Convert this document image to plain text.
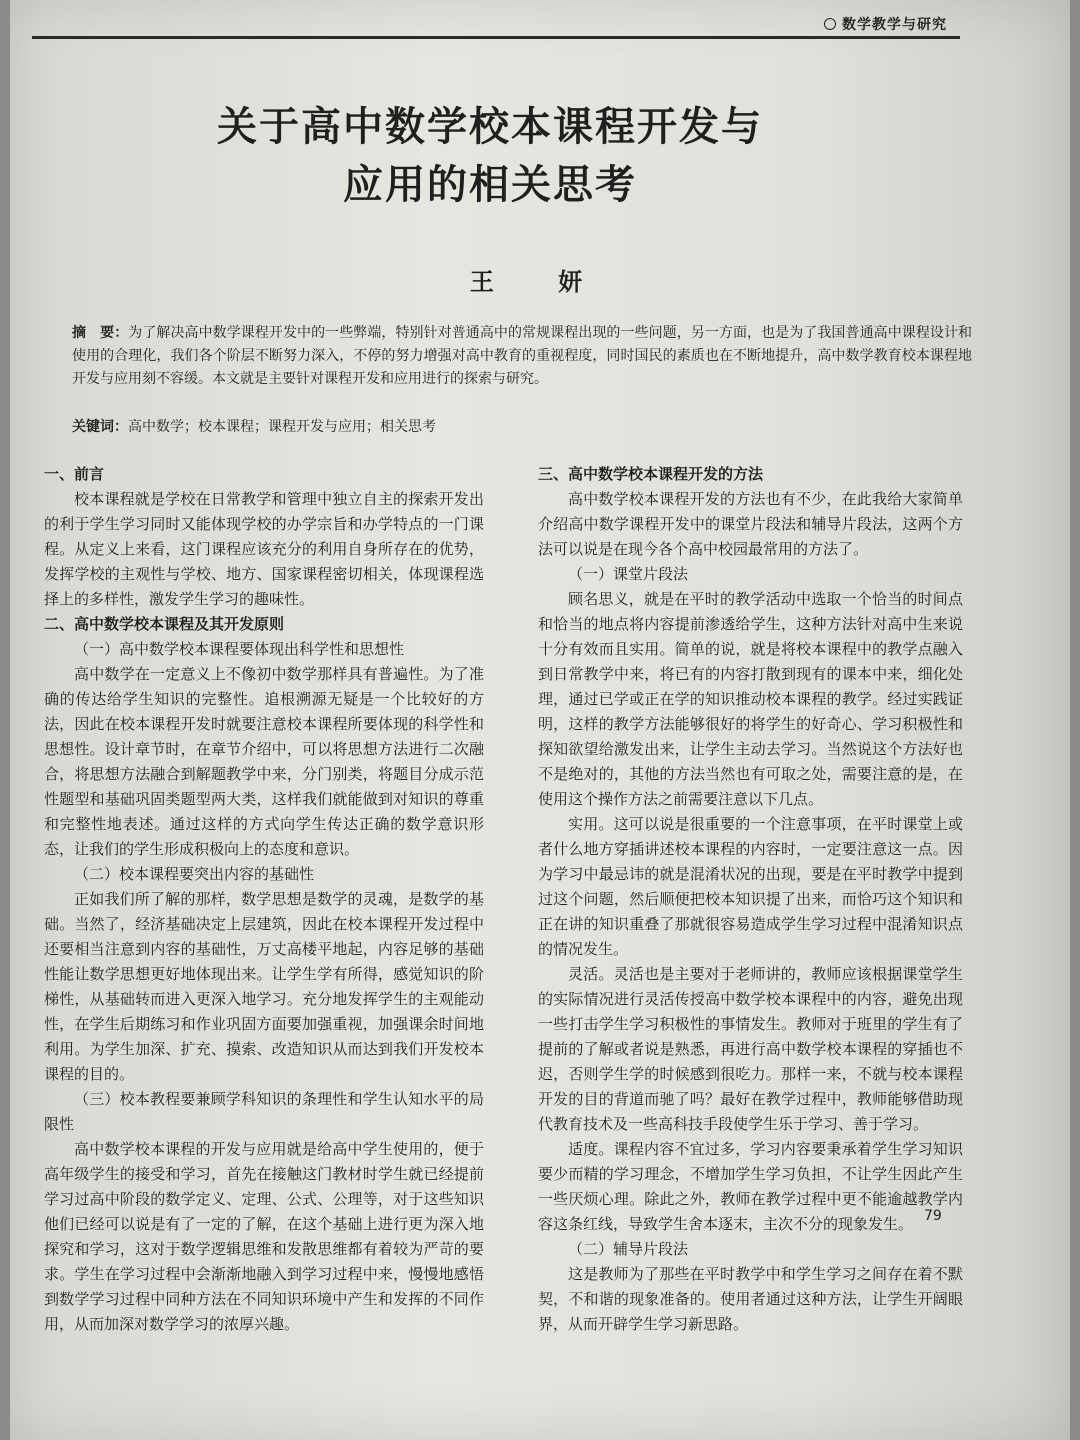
数学教学与研究
关于高中数学校本课程开发与
应用的相关思考
王 妍
摘　要：为了解决高中数学课程开发中的一些弊端，特别针对普通高中的常规课程出现的一些问题，另一方面，也是为了我国普通高中课程设计和使用的合理化，我们各个阶层不断努力深入，不停的努力增强对高中教育的重视程度，同时国民的素质也在不断地提升，高中数学教育校本课程地开发与应用刻不容缓。本文就是主要针对课程开发和应用进行的探索与研究。
关键词：高中数学；校本课程；课程开发与应用；相关思考
一、前言

校本课程就是学校在日常教学和管理中独立自主的探索开发出的利于学生学习同时又能体现学校的办学宗旨和办学特点的一门课程。从定义上来看，这门课程应该充分的利用自身所存在的优势，发挥学校的主观性与学校、地方、国家课程密切相关，体现课程选择上的多样性，激发学生学习的趣味性。

二、高中数学校本课程及其开发原则
（一）高中数学校本课程要体现出科学性和思想性

高中数学在一定意义上不像初中数学那样具有普遍性。为了准确的传达给学生知识的完整性。追根溯源无疑是一个比较好的方法，因此在校本课程开发时就要注意校本课程所要体现的科学性和思想性。设计章节时，在章节介绍中，可以将思想方法进行二次融合，将思想方法融合到解题教学中来，分门别类，将题目分成示范性题型和基础巩固类题型两大类，这样我们就能做到对知识的尊重和完整性地表述。通过这样的方式向学生传达正确的数学意识形态，让我们的学生形成积极向上的态度和意识。

（二）校本课程要突出内容的基础性

正如我们所了解的那样，数学思想是数学的灵魂，是数学的基础。当然了，经济基础决定上层建筑，因此在校本课程开发过程中还要相当注意到内容的基础性，万丈高楼平地起，内容足够的基础性能让数学思想更好地体现出来。让学生学有所得，感觉知识的阶梯性，从基础转而进入更深入地学习。充分地发挥学生的主观能动性，在学生后期练习和作业巩固方面要加强重视，加强课余时间地利用。为学生加深、扩充、摸索、改造知识从而达到我们开发校本课程的目的。

（三）校本教程要兼顾学科知识的条理性和学生认知水平的局限性

高中数学校本课程的开发与应用就是给高中学生使用的，便于高年级学生的接受和学习，首先在接触这门教材时学生就已经提前学习过高中阶段的数学定义、定理、公式、公理等，对于这些知识他们已经可以说是有了一定的了解，在这个基础上进行更为深入地探究和学习，这对于数学逻辑思维和发散思维都有着较为严苛的要求。学生在学习过程中会渐渐地融入到学习过程中来，慢慢地感悟到数学学习过程中同种方法在不同知识环境中产生和发挥的不同作用，从而加深对数学学习的浓厚兴趣。

三、高中数学校本课程开发的方法

高中数学校本课程开发的方法也有不少，在此我给大家简单介绍高中数学课程开发中的课堂片段法和辅导片段法，这两个方法可以说是在现今各个高中校园最常用的方法了。

（一）课堂片段法

顾名思义，就是在平时的教学活动中选取一个恰当的时间点和恰当的地点将内容提前渗透给学生，这种方法针对高中生来说十分有效而且实用。简单的说，就是将校本课程中的教学点融入到日常教学中来，将已有的内容打散到现有的课本中来，细化处理，通过已学或正在学的知识推动校本课程的教学。经过实践证明，这样的教学方法能够很好的将学生的好奇心、学习积极性和探知欲望给激发出来，让学生主动去学习。当然说这个方法好也不是绝对的，其他的方法当然也有可取之处，需要注意的是，在使用这个操作方法之前需要注意以下几点。

实用。这可以说是很重要的一个注意事项，在平时课堂上或者什么地方穿插讲述校本课程的内容时，一定要注意这一点。因为学习中最忌讳的就是混淆状况的出现，要是在平时教学中提到过这个问题，然后顺便把校本知识提了出来，而恰巧这个知识和正在讲的知识重叠了那就很容易造成学生学习过程中混淆知识点的情况发生。

灵活。灵活也是主要对于老师讲的，教师应该根据课堂学生的实际情况进行灵活传授高中数学校本课程中的内容，避免出现一些打击学生学习积极性的事情发生。教师对于班里的学生有了提前的了解或者说是熟悉，再进行高中数学校本课程的穿插也不迟，否则学生学的时候感到很吃力。那样一来，不就与校本课程开发的目的背道而驰了吗？最好在教学过程中，教师能够借助现代教育技术及一些高科技手段使学生乐于学习、善于学习。

适度。课程内容不宜过多，学习内容要秉承着学生学习知识要少而精的学习理念，不增加学生学习负担，不让学生因此产生一些厌烦心理。除此之外，教师在教学过程中更不能逾越教学内容这条红线，导致学生舍本逐末，主次不分的现象发生。

（二）辅导片段法

这是教师为了那些在平时教学中和学生学习之间存在着不默契，不和谐的现象准备的。使用者通过这种方法，让学生开阔眼界，从而开辟学生学习新思路。

79
